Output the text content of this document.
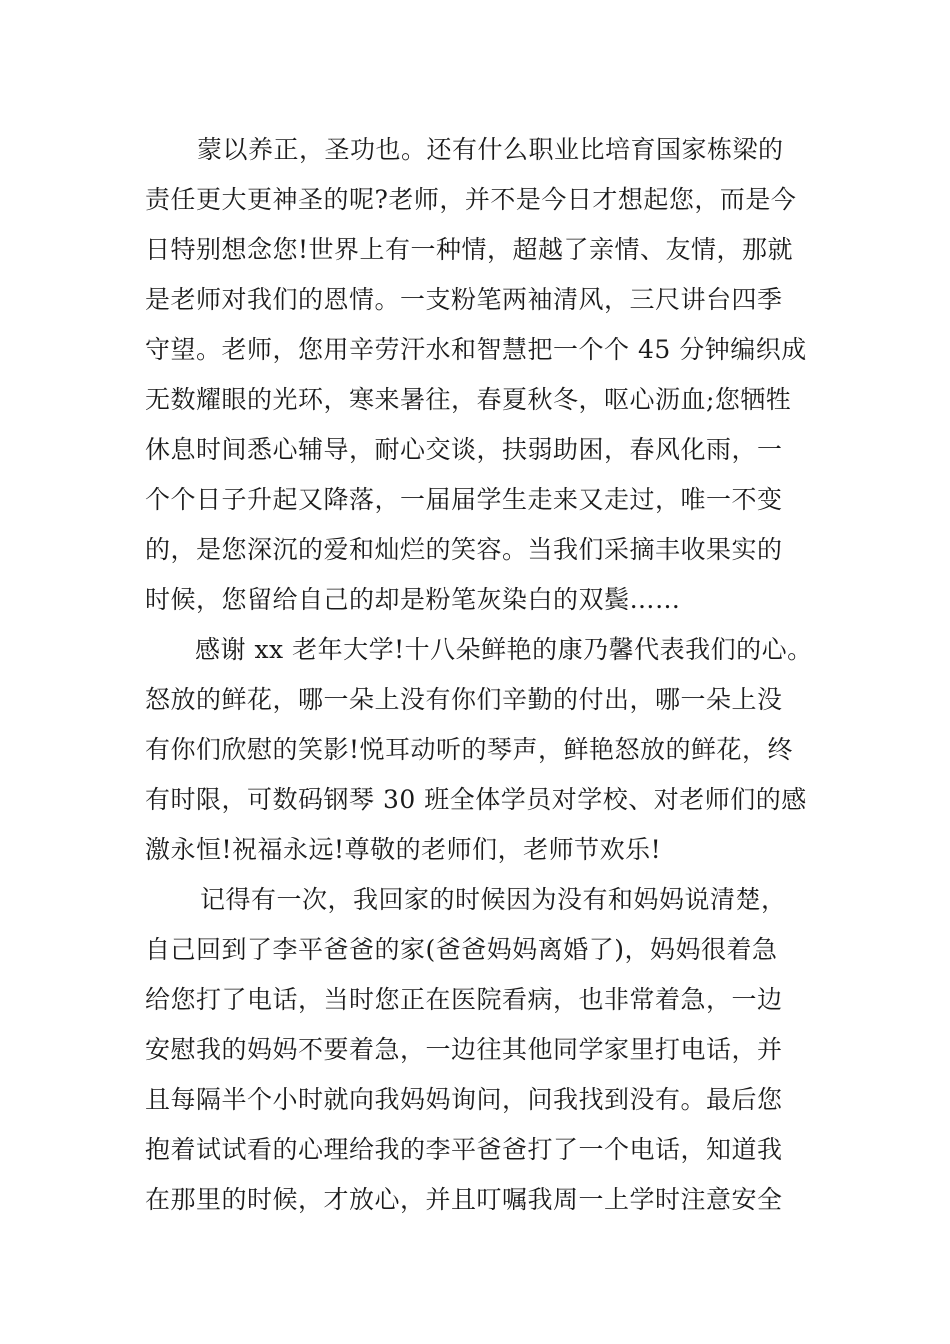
蒙以养正，圣功也。还有什么职业比培育国家栋梁的
责任更大更神圣的呢?老师，并不是今日才想起您，而是今
日特别想念您!世界上有一种情，超越了亲情、友情，那就
是老师对我们的恩情。一支粉笔两袖清风，三尺讲台四季
守望。老师，您用辛劳汗水和智慧把一个个 45 分钟编织成
无数耀眼的光环，寒来暑往，春夏秋冬，呕心沥血;您牺牲
休息时间悉心辅导，耐心交谈，扶弱助困，春风化雨，一
个个日子升起又降落，一届届学生走来又走过，唯一不变
的，是您深沉的爱和灿烂的笑容。当我们采摘丰收果实的
时候，您留给自己的却是粉笔灰染白的双鬓……
感谢 xx 老年大学!十八朵鲜艳的康乃馨代表我们的心。
怒放的鲜花，哪一朵上没有你们辛勤的付出，哪一朵上没
有你们欣慰的笑影!悦耳动听的琴声，鲜艳怒放的鲜花，终
有时限，可数码钢琴 30 班全体学员对学校、对老师们的感
激永恒!祝福永远!尊敬的老师们，老师节欢乐!
记得有一次，我回家的时候因为没有和妈妈说清楚，
自己回到了李平爸爸的家(爸爸妈妈离婚了)，妈妈很着急
给您打了电话，当时您正在医院看病，也非常着急，一边
安慰我的妈妈不要着急，一边往其他同学家里打电话，并
且每隔半个小时就向我妈妈询问，问我找到没有。最后您
抱着试试看的心理给我的李平爸爸打了一个电话，知道我
在那里的时候，才放心，并且叮嘱我周一上学时注意安全
